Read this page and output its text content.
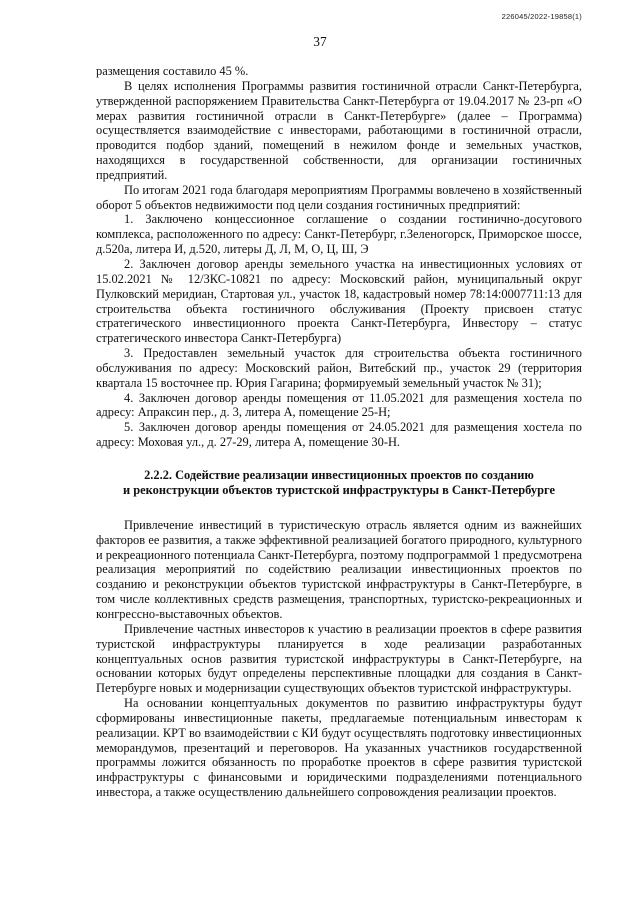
226045/2022-19858(1)
37

размещения составило 45 %.

В целях исполнения Программы развития гостиничной отрасли Санкт-Петербурга, утвержденной распоряжением Правительства Санкт-Петербурга от 19.04.2017 № 23-рп «О мерах развития гостиничной отрасли в Санкт-Петербурге» (далее – Программа) осуществляется взаимодействие с инвесторами, работающими в гостиничной отрасли, проводится подбор зданий, помещений в нежилом фонде и земельных участков, находящихся в государственной собственности, для организации гостиничных предприятий.

По итогам 2021 года благодаря мероприятиям Программы вовлечено в хозяйственный оборот 5 объектов недвижимости под цели создания гостиничных предприятий:

1. Заключено концессионное соглашение о создании гостинично-досугового комплекса, расположенного по адресу: Санкт-Петербург, г.Зеленогорск, Приморское шоссе, д.520а, литера И, д.520, литеры Д, Л, М, О, Ц, Ш, Э

2. Заключен договор аренды земельного участка на инвестиционных условиях от 15.02.2021 № 12/ЗКС-10821 по адресу: Московский район, муниципальный округ Пулковский меридиан, Стартовая ул., участок 18, кадастровый номер 78:14:0007711:13 для строительства объекта гостиничного обслуживания (Проекту присвоен статус стратегического инвестиционного проекта Санкт-Петербурга, Инвестору – статус стратегического инвестора Санкт-Петербурга)

3. Предоставлен земельный участок для строительства объекта гостиничного обслуживания по адресу: Московский район, Витебский пр., участок 29 (территория квартала 15 восточнее пр. Юрия Гагарина; формируемый земельный участок № 31);

4. Заключен договор аренды помещения от 11.05.2021 для размещения хостела по адресу: Апраксин пер., д. 3, литера А, помещение 25-Н;

5. Заключен договор аренды помещения от 24.05.2021 для размещения хостела по адресу: Моховая ул., д. 27-29, литера А, помещение 30-Н.

2.2.2. Содействие реализации инвестиционных проектов по созданию
и реконструкции объектов туристской инфраструктуры в Санкт-Петербурге

Привлечение инвестиций в туристическую отрасль является одним из важнейших факторов ее развития, а также эффективной реализацией богатого природного, культурного и рекреационного потенциала Санкт-Петербурга, поэтому подпрограммой 1 предусмотрена реализация мероприятий по содействию реализации инвестиционных проектов по созданию и реконструкции объектов туристской инфраструктуры в Санкт-Петербурге, в том числе коллективных средств размещения, транспортных, туристско-рекреационных и конгрессно-выставочных объектов.

Привлечение частных инвесторов к участию в реализации проектов в сфере развития туристской инфраструктуры планируется в ходе реализации разработанных концептуальных основ развития туристской инфраструктуры в Санкт-Петербурге, на основании которых будут определены перспективные площадки для создания в Санкт-Петербурге новых и модернизации существующих объектов туристской инфраструктуры.

На основании концептуальных документов по развитию инфраструктуры будут сформированы инвестиционные пакеты, предлагаемые потенциальным инвесторам к реализации. КРТ во взаимодействии с КИ будут осуществлять подготовку инвестиционных меморандумов, презентаций и переговоров. На указанных участников государственной программы ложится обязанность по проработке проектов в сфере развития туристской инфраструктуры с финансовыми и юридическими подразделениями потенциального инвестора, а также осуществлению дальнейшего сопровождения реализации проектов.
